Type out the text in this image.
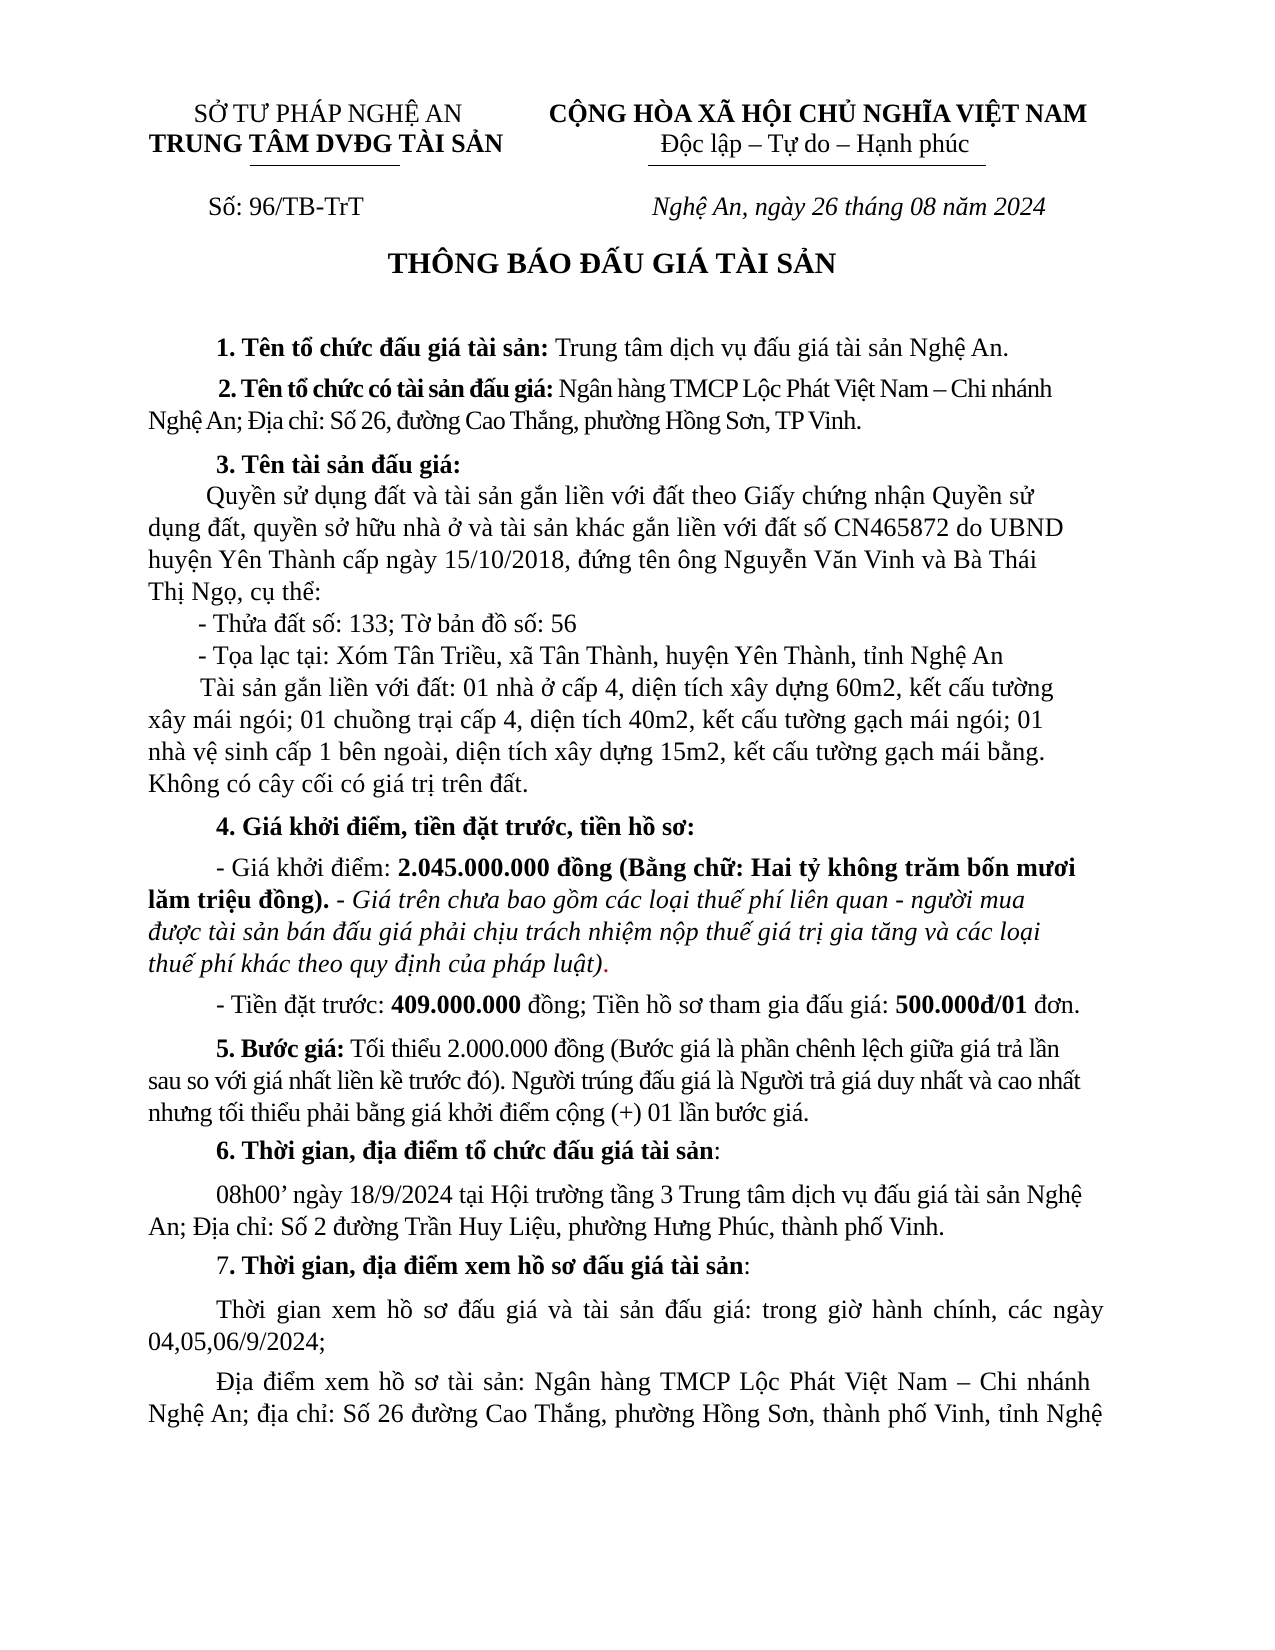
SỞ TƯ PHÁP NGHỆ AN
TRUNG TÂM DVĐG TÀI SẢN
CỘNG HÒA XÃ HỘI CHỦ NGHĨA VIỆT NAM
Độc lập – Tự do – Hạnh phúc
Số: 96/TB-TrT	Nghệ An, ngày 26 tháng 08 năm 2024
THÔNG BÁO ĐẤU GIÁ TÀI SẢN
1. Tên tổ chức đấu giá tài sản: Trung tâm dịch vụ đấu giá tài sản Nghệ An.
2. Tên tổ chức có tài sản đấu giá: Ngân hàng TMCP Lộc Phát Việt Nam – Chi nhánh
Nghệ An; Địa chỉ: Số 26, đường Cao Thắng, phường Hồng Sơn, TP Vinh.
3. Tên tài sản đấu giá:
Quyền sử dụng đất và tài sản gắn liền với đất theo Giấy chứng nhận Quyền sử
dụng đất, quyền sở hữu nhà ở và tài sản khác gắn liền với đất số CN465872 do UBND
huyện Yên Thành cấp ngày 15/10/2018, đứng tên ông Nguyễn Văn Vinh và Bà Thái
Thị Ngọ, cụ thể:
- Thửa đất số: 133; Tờ bản đồ số: 56
- Tọa lạc tại: Xóm Tân Triều, xã Tân Thành, huyện Yên Thành, tỉnh Nghệ An
Tài sản gắn liền với đất: 01 nhà ở cấp 4, diện tích xây dựng 60m2, kết cấu tường
xây mái ngói; 01 chuồng trại cấp 4, diện tích 40m2, kết cấu tường gạch mái ngói; 01
nhà vệ sinh cấp 1 bên ngoài, diện tích xây dựng 15m2, kết cấu tường gạch mái bằng.
Không có cây cối có giá trị trên đất.
4. Giá khởi điểm, tiền đặt trước, tiền hồ sơ:
- Giá khởi điểm: 2.045.000.000 đồng (Bằng chữ: Hai tỷ không trăm bốn mươi
lăm triệu đồng). - Giá trên chưa bao gồm các loại thuế phí liên quan - người mua
được tài sản bán đấu giá phải chịu trách nhiệm nộp thuế giá trị gia tăng và các loại
thuế phí khác theo quy định của pháp luật).
- Tiền đặt trước: 409.000.000 đồng; Tiền hồ sơ tham gia đấu giá: 500.000đ/01 đơn.
5. Bước giá: Tối thiểu 2.000.000 đồng (Bước giá là phần chênh lệch giữa giá trả lần
sau so với giá nhất liền kề trước đó). Người trúng đấu giá là Người trả giá duy nhất và cao nhất
nhưng tối thiểu phải bằng giá khởi điểm cộng (+) 01 lần bước giá.
6. Thời gian, địa điểm tổ chức đấu giá tài sản:
08h00’ ngày 18/9/2024 tại Hội trường tầng 3 Trung tâm dịch vụ đấu giá tài sản Nghệ
An; Địa chỉ: Số 2 đường Trần Huy Liệu, phường Hưng Phúc, thành phố Vinh.
7. Thời gian, địa điểm xem hồ sơ đấu giá tài sản:
Thời gian xem hồ sơ đấu giá và tài sản đấu giá: trong giờ hành chính, các ngày
04,05,06/9/2024;
Địa điểm xem hồ sơ tài sản: Ngân hàng TMCP Lộc Phát Việt Nam – Chi nhánh
Nghệ An; địa chỉ: Số 26 đường Cao Thắng, phường Hồng Sơn, thành phố Vinh, tỉnh Nghệ
